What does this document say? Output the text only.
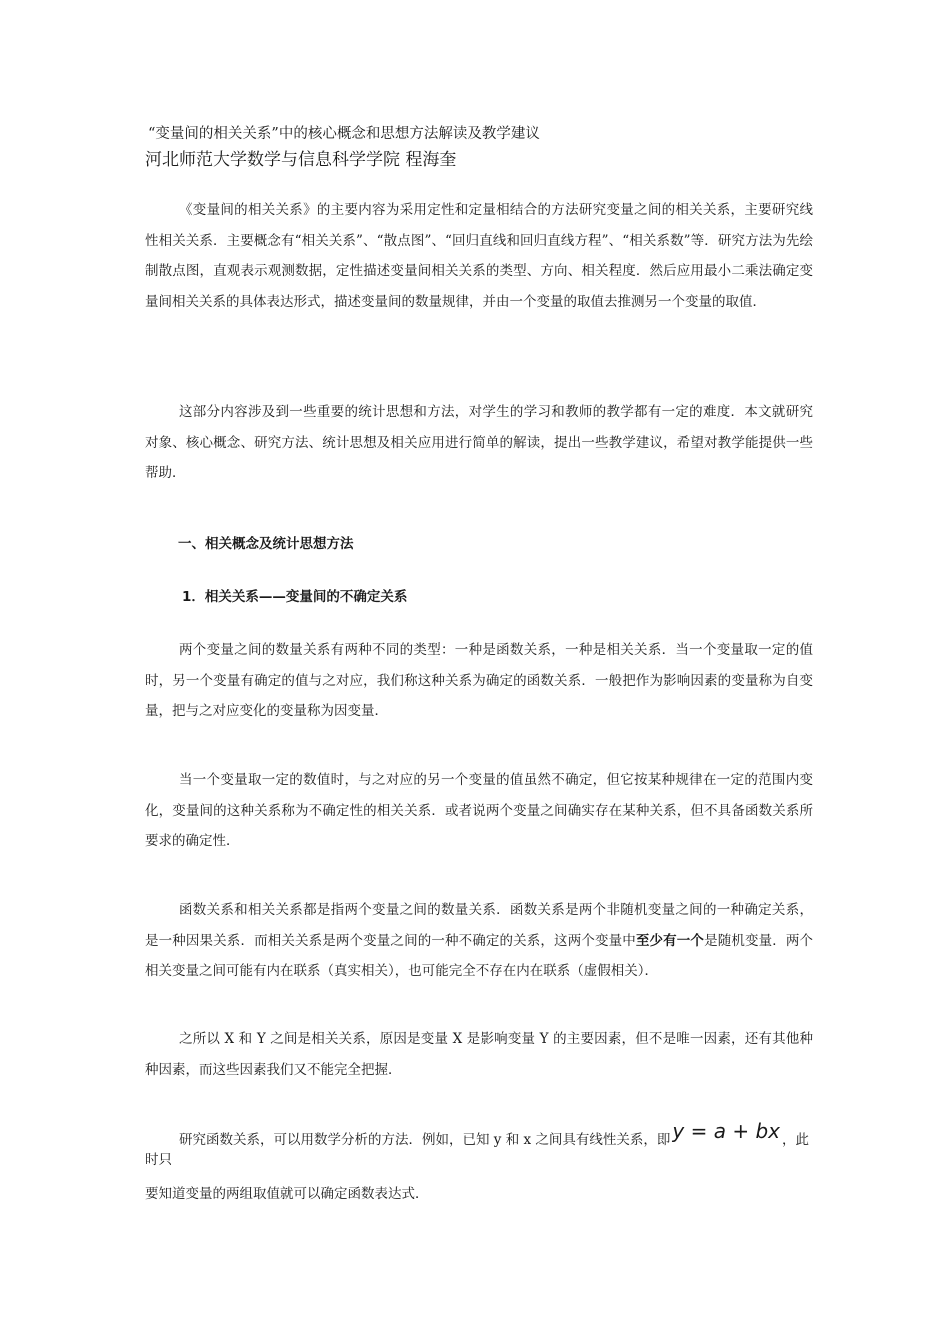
“变量间的相关关系”中的核心概念和思想方法解读及教学建议
河北师范大学数学与信息科学学院 程海奎

《变量间的相关关系》的主要内容为采用定性和定量相结合的方法研究变量之间的相关关系，主要研究线性相关关系．主要概念有“相关关系”、“散点图”、“回归直线和回归直线方程”、“相关系数”等．研究方法为先绘制散点图，直观表示观测数据，定性描述变量间相关关系的类型、方向、相关程度．然后应用最小二乘法确定变量间相关关系的具体表达形式，描述变量间的数量规律，并由一个变量的取值去推测另一个变量的取值．

这部分内容涉及到一些重要的统计思想和方法，对学生的学习和教师的教学都有一定的难度．本文就研究对象、核心概念、研究方法、统计思想及相关应用进行简单的解读，提出一些教学建议，希望对教学能提供一些帮助．

一、相关概念及统计思想方法
1．相关关系——变量间的不确定关系

两个变量之间的数量关系有两种不同的类型：一种是函数关系，一种是相关关系．当一个变量取一定的值时，另一个变量有确定的值与之对应，我们称这种关系为确定的函数关系．一般把作为影响因素的变量称为自变量，把与之对应变化的变量称为因变量．

当一个变量取一定的数值时，与之对应的另一个变量的值虽然不确定，但它按某种规律在一定的范围内变化，变量间的这种关系称为不确定性的相关关系．或者说两个变量之间确实存在某种关系，但不具备函数关系所要求的确定性．

函数关系和相关关系都是指两个变量之间的数量关系．函数关系是两个非随机变量之间的一种确定关系，是一种因果关系．而相关关系是两个变量之间的一种不确定的关系，这两个变量中至少有一个是随机变量．两个相关变量之间可能有内在联系（真实相关），也可能完全不存在内在联系（虚假相关）．

之所以 X 和 Y 之间是相关关系，原因是变量 X 是影响变量 Y 的主要因素，但不是唯一因素，还有其他种种因素，而这些因素我们又不能完全把握．

研究函数关系，可以用数学分析的方法．例如，已知 y 和 x 之间具有线性关系，即 y = a + bx ，此时只
要知道变量的两组取值就可以确定函数表达式．
